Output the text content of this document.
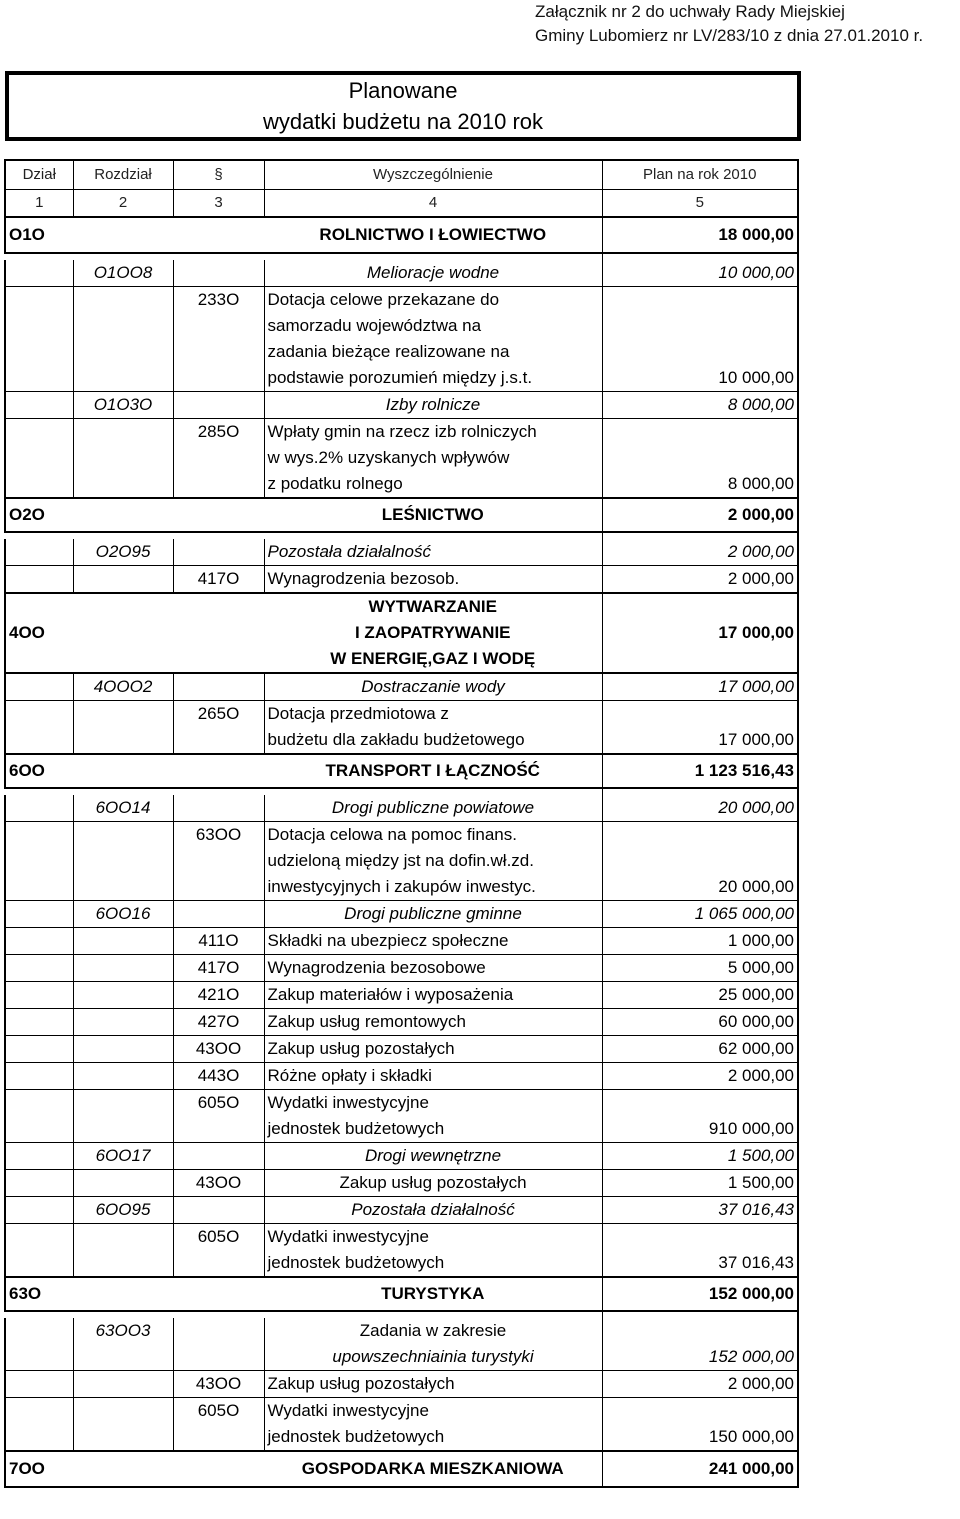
Załącznik nr 2 do uchwały Rady Miejskiej
Gminy Lubomierz nr LV/283/10 z dnia 27.01.2010 r.
Planowane
wydatki budżetu na 2010 rok
Dział	Rozdział	§	Wyszczególnienie	Plan na rok 2010
1	2	3	4	5
O1O			ROLNICTWO I ŁOWIECTWO	18 000,00

	O1OO8		Melioracje wodne	10 000,00
		233O	Dotacja celowe przekazane do
samorzadu województwa na
zadania bieżące realizowane na
podstawie porozumień między j.s.t.	10 000,00
	O1O3O		Izby rolnicze	8 000,00
		285O	Wpłaty gmin na rzecz izb rolniczych
w wys.2% uzyskanych wpływów
z podatku rolnego	8 000,00
O2O			LEŚNICTWO	2 000,00

	O2O95		Pozostała działalność	2 000,00
		417O	Wynagrodzenia bezosob.	2 000,00
4OO			WYTWARZANIE
I ZAOPATRYWANIE
W ENERGIĘ,GAZ I WODĘ	17 000,00
	4OOO2		Dostraczanie wody	17 000,00
		265O	Dotacja przedmiotowa z
budżetu dla zakładu budżetowego	17 000,00
6OO			TRANSPORT I ŁĄCZNOŚĆ	1 123 516,43

	6OO14		Drogi publiczne powiatowe	20 000,00
		63OO	Dotacja celowa na pomoc finans.
udzieloną między jst na dofin.wł.zd.
inwestycyjnych i zakupów inwestyc.	20 000,00
	6OO16		Drogi publiczne gminne	1 065 000,00
		411O	Składki na ubezpiecz społeczne	1 000,00
		417O	Wynagrodzenia bezosobowe	5 000,00
		421O	Zakup materiałów i wyposażenia	25 000,00
		427O	Zakup usług remontowych	60 000,00
		43OO	Zakup usług pozostałych	62 000,00
		443O	Różne opłaty i składki	2 000,00
		605O	Wydatki inwestycyjne
jednostek budżetowych	910 000,00
	6OO17		Drogi wewnętrzne	1 500,00
		43OO	Zakup usług pozostałych	1 500,00
	6OO95		Pozostała działalność	37 016,43
		605O	Wydatki inwestycyjne
jednostek budżetowych	37 016,43
63O			TURYSTYKA	152 000,00

	63OO3		Zadania w zakresie
upowszechniainia turystyki	152 000,00
		43OO	Zakup usług pozostałych	2 000,00
		605O	Wydatki inwestycyjne
jednostek budżetowych	150 000,00
7OO			GOSPODARKA MIESZKANIOWA	241 000,00
